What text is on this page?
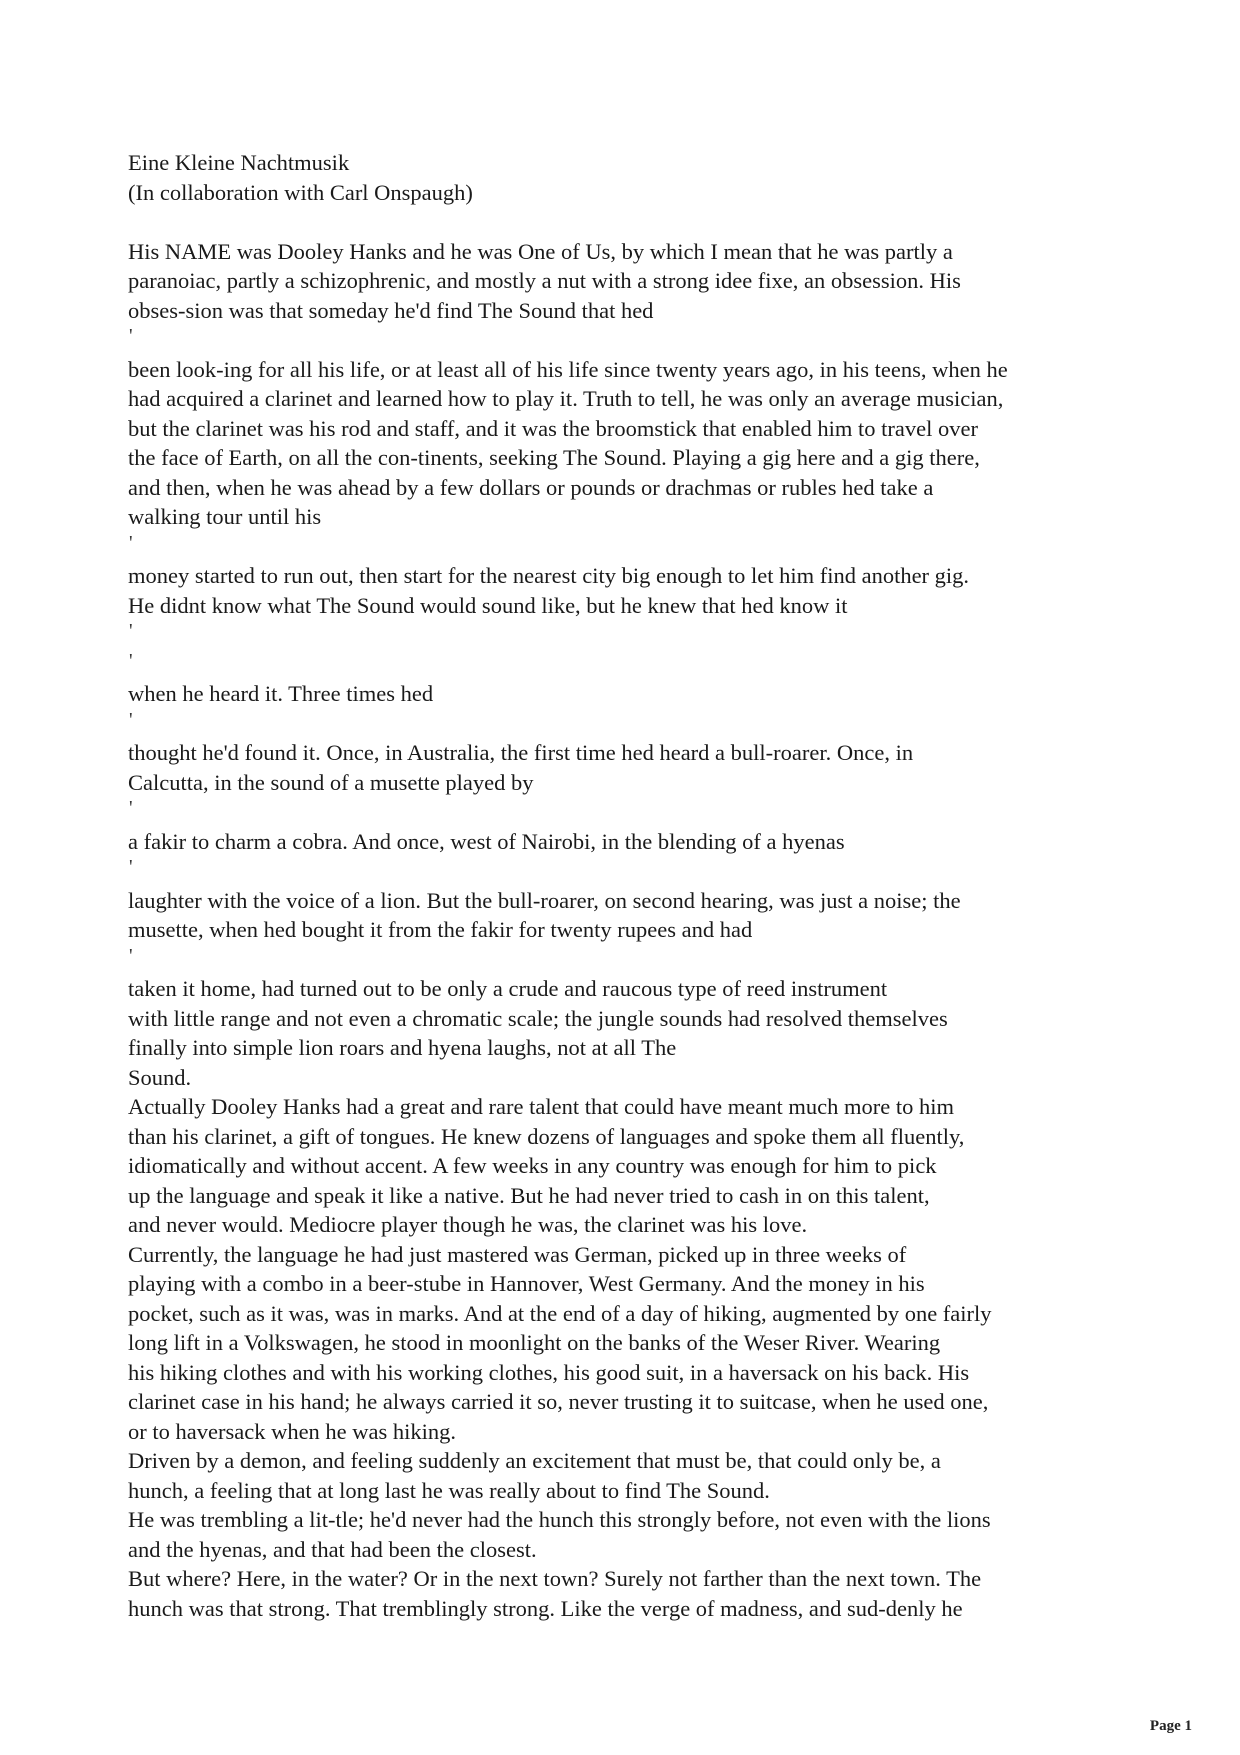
Eine Kleine Nachtmusik
(In collaboration with Carl Onspaugh)
His NAME was Dooley Hanks and he was One of Us, by which I mean that he was partly a
paranoiac, partly a schizophrenic, and mostly a nut with a strong idee fixe, an obsession. His
obses-sion was that someday he'd find The Sound that hed
'
been look-ing for all his life, or at least all of his life since twenty years ago, in his teens, when he
had acquired a clarinet and learned how to play it. Truth to tell, he was only an average musician,
but the clarinet was his rod and staff, and it was the broomstick that enabled him to travel over
the face of Earth, on all the con-tinents, seeking The Sound. Playing a gig here and a gig there,
and then, when he was ahead by a few dollars or pounds or drachmas or rubles hed take a
walking tour until his
'
money started to run out, then start for the nearest city big enough to let him find another gig.
He didnt know what The Sound would sound like, but he knew that hed know it
'
'
when he heard it. Three times hed
'
thought he'd found it. Once, in Australia, the first time hed heard a bull-roarer. Once, in
Calcutta, in the sound of a musette played by
'
a fakir to charm a cobra. And once, west of Nairobi, in the blending of a hyenas
'
laughter with the voice of a lion. But the bull-roarer, on second hearing, was just a noise; the
musette, when hed bought it from the fakir for twenty rupees and had
'
taken it home, had turned out to be only a crude and raucous type of reed instrument
with little range and not even a chromatic scale; the jungle sounds had resolved themselves
finally into simple lion roars and hyena laughs, not at all The
Sound.
Actually Dooley Hanks had a great and rare talent that could have meant much more to him
than his clarinet, a gift of tongues. He knew dozens of languages and spoke them all fluently,
idiomatically and without accent. A few weeks in any country was enough for him to pick
up the language and speak it like a native. But he had never tried to cash in on this talent,
and never would. Mediocre player though he was, the clarinet was his love.
Currently, the language he had just mastered was German, picked up in three weeks of
playing with a combo in a beer-stube in Hannover, West Germany. And the money in his
pocket, such as it was, was in marks. And at the end of a day of hiking, augmented by one fairly
long lift in a Volkswagen, he stood in moonlight on the banks of the Weser River. Wearing
his hiking clothes and with his working clothes, his good suit, in a haversack on his back. His
clarinet case in his hand; he always carried it so, never trusting it to suitcase, when he used one,
or to haversack when he was hiking.
Driven by a demon, and feeling suddenly an excitement that must be, that could only be, a
hunch, a feeling that at long last he was really about to find The Sound.
He was trembling a lit-tle; he'd never had the hunch this strongly before, not even with the lions
and the hyenas, and that had been the closest.
But where? Here, in the water? Or in the next town? Surely not farther than the next town. The
hunch was that strong. That tremblingly strong. Like the verge of madness, and sud-denly he
Page 1
